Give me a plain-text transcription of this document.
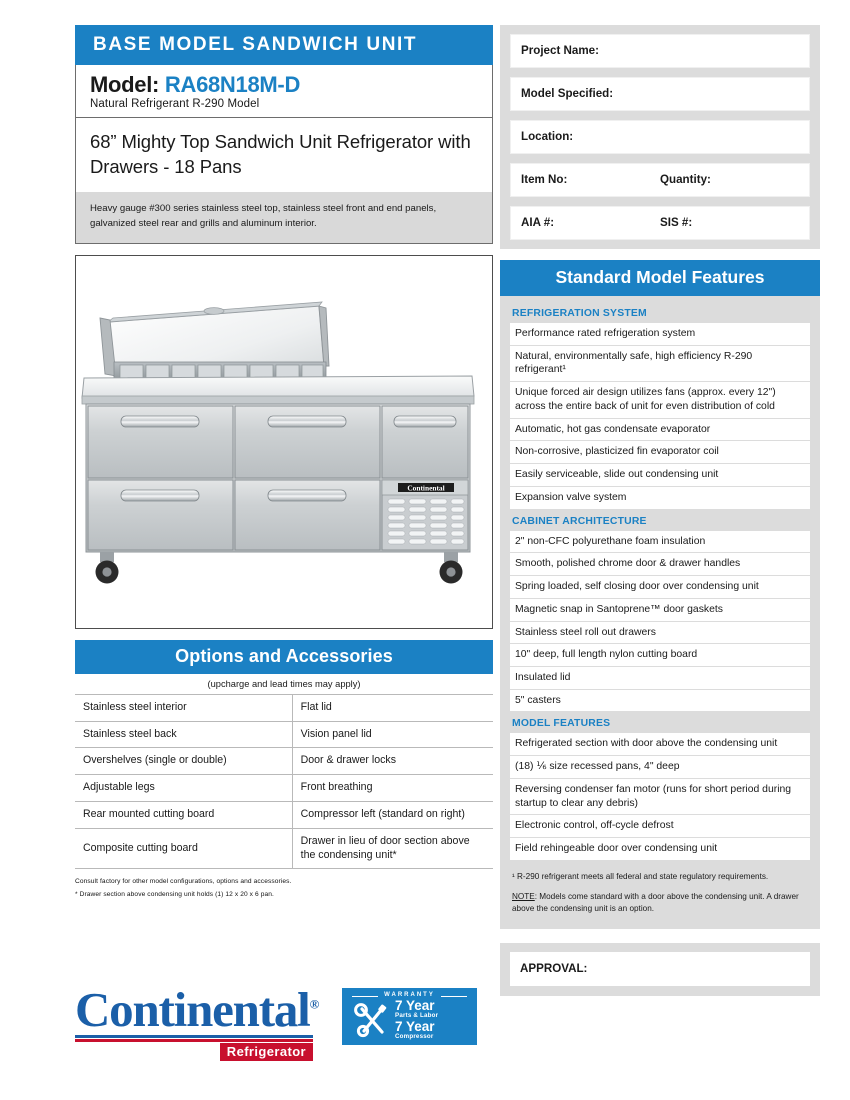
BASE MODEL SANDWICH UNIT
Model: RA68N18M-D
Natural Refrigerant R-290 Model
68” Mighty Top Sandwich Unit Refrigerator with Drawers - 18 Pans
Heavy gauge #300 series stainless steel top, stainless steel front and end panels, galvanized steel rear and grills and aluminum interior.
Continental
Options and Accessories
(upcharge and lead times may apply)
Stainless steel interior	Flat lid
Stainless steel back	Vision panel lid
Overshelves (single or double)	Door & drawer locks
Adjustable legs	Front breathing
Rear mounted cutting board	Compressor left (standard on right)
Composite cutting board	Drawer in lieu of door section above the condensing unit*
Consult factory for other model configurations, options and accessories.
* Drawer section above condensing unit holds (1) 12 x 20 x 6 pan.
Continental®
Refrigerator
WARRANTY
7 Year
Parts & Labor
7 Year
Compressor
Project Name:
Model Specified:
Location:
Item No:	Quantity:
AIA #:	SIS #:
Standard Model Features
REFRIGERATION SYSTEM
Performance rated refrigeration system
Natural, environmentally safe, high efficiency R-290 refrigerant¹
Unique forced air design utilizes fans (approx. every 12") across the entire back of unit for even distribution of cold
Automatic, hot gas condensate evaporator
Non-corrosive, plasticized fin evaporator coil
Easily serviceable, slide out condensing unit
Expansion valve system
CABINET ARCHITECTURE
2" non-CFC polyurethane foam insulation
Smooth, polished chrome door & drawer handles
Spring loaded, self closing door over condensing unit
Magnetic snap in Santoprene™ door gaskets
Stainless steel roll out drawers
10" deep, full length nylon cutting board
Insulated lid
5" casters
MODEL FEATURES
Refrigerated section with door above the condensing unit
(18) ⅙ size recessed pans, 4" deep
Reversing condenser fan motor (runs for short period during startup to clear any debris)
Electronic control, off-cycle defrost
Field rehingeable door over condensing unit
¹ R-290 refrigerant meets all federal and state regulatory requirements.
NOTE: Models come standard with a door above the condensing unit. A drawer above the condensing unit is an option.
APPROVAL:
